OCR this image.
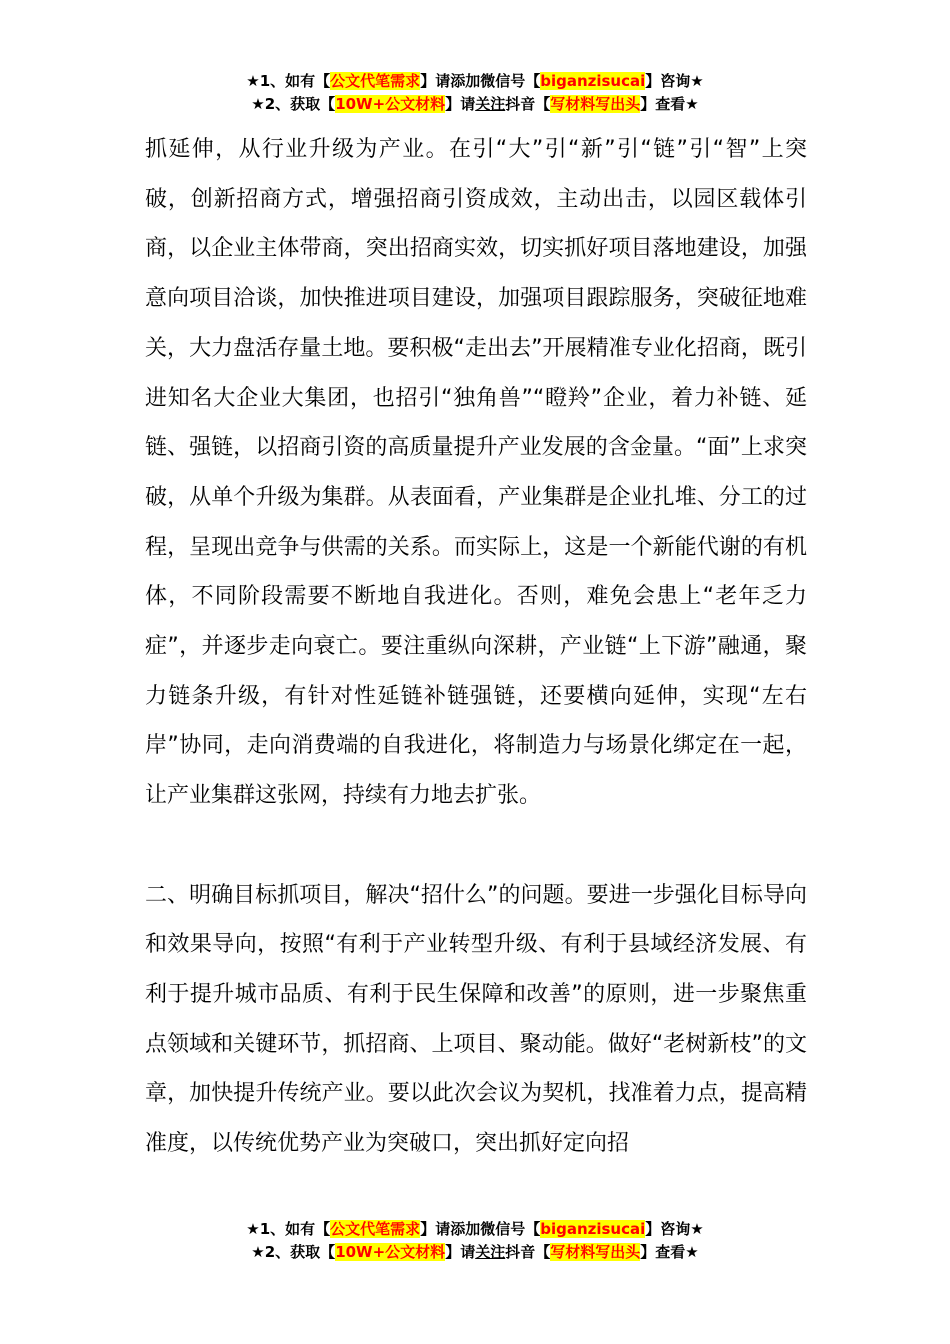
★1、如有【公文代笔需求】请添加微信号【biganzisucai】咨询★
★2、获取【10W+公文材料】请关注抖音【写材料写出头】查看★

抓延伸，从行业升级为产业。在引“大”引“新”引“链”引“智”上突破，创新招商方式，增强招商引资成效，主动出击，以园区载体引商，以企业主体带商，突出招商实效，切实抓好项目落地建设，加强意向项目洽谈，加快推进项目建设，加强项目跟踪服务，突破征地难关，大力盘活存量土地。要积极“走出去”开展精准专业化招商，既引进知名大企业大集团，也招引“独角兽”“瞪羚”企业，着力补链、延链、强链，以招商引资的高质量提升产业发展的含金量。“面”上求突破，从单个升级为集群。从表面看，产业集群是企业扎堆、分工的过程，呈现出竞争与供需的关系。而实际上，这是一个新能代谢的有机体，不同阶段需要不断地自我进化。否则，难免会患上“老年乏力症”，并逐步走向衰亡。要注重纵向深耕，产业链“上下游”融通，聚力链条升级，有针对性延链补链强链，还要横向延伸，实现“左右岸”协同，走向消费端的自我进化，将制造力与场景化绑定在一起，让产业集群这张网，持续有力地去扩张。

二、明确目标抓项目，解决“招什么”的问题。要进一步强化目标导向和效果导向，按照“有利于产业转型升级、有利于县域经济发展、有利于提升城市品质、有利于民生保障和改善”的原则，进一步聚焦重点领域和关键环节，抓招商、上项目、聚动能。做好“老树新枝”的文章，加快提升传统产业。要以此次会议为契机，找准着力点，提高精准度，以传统优势产业为突破口，突出抓好定向招

★1、如有【公文代笔需求】请添加微信号【biganzisucai】咨询★
★2、获取【10W+公文材料】请关注抖音【写材料写出头】查看★
